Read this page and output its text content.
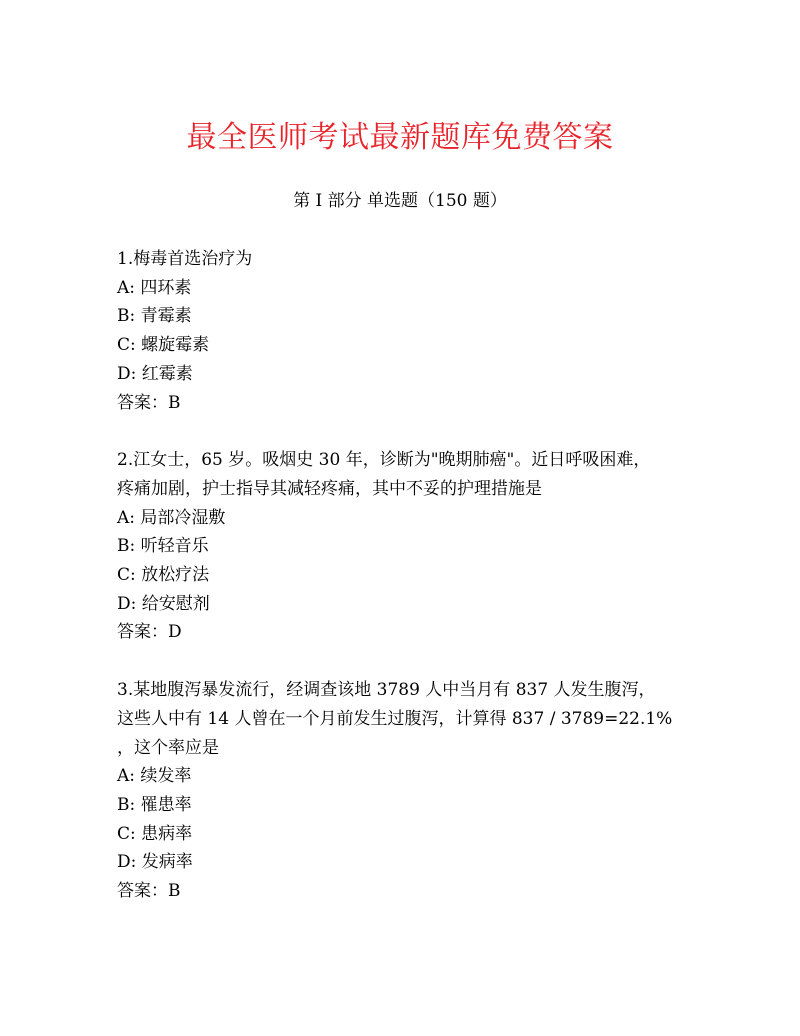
最全医师考试最新题库免费答案
第 I 部分 单选题（150 题）
1.梅毒首选治疗为
A: 四环素
B: 青霉素
C: 螺旋霉素
D: 红霉素
答案：B
2.江女士，65 岁。吸烟史 30 年，诊断为"晚期肺癌"。近日呼吸困难，
疼痛加剧，护士指导其减轻疼痛，其中不妥的护理措施是
A: 局部冷湿敷
B: 听轻音乐
C: 放松疗法
D: 给安慰剂
答案：D
3.某地腹泻暴发流行，经调查该地 3789 人中当月有 837 人发生腹泻，
这些人中有 14 人曾在一个月前发生过腹泻，计算得 837 / 3789=22.1%
，这个率应是
A: 续发率
B: 罹患率
C: 患病率
D: 发病率
答案：B
